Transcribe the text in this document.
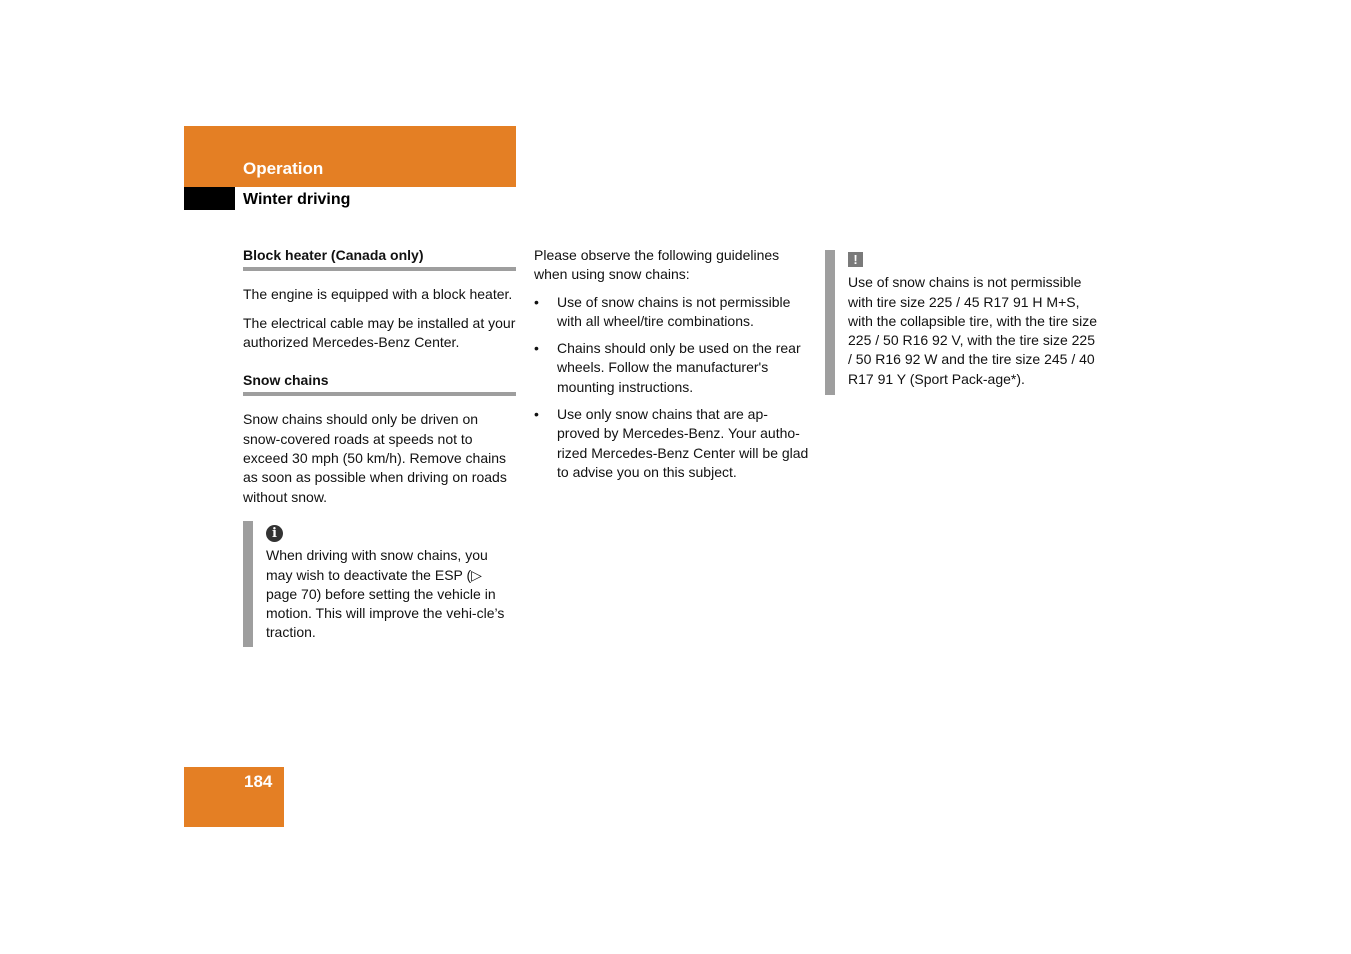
Operation
Winter driving
Block heater (Canada only)

The engine is equipped with a block heater.

The electrical cable may be installed at your authorized Mercedes-Benz Center.

Snow chains

Snow chains should only be driven on snow-covered roads at speeds not to exceed 30 mph (50 km/h). Remove chains as soon as possible when driving on roads without snow.

i
When driving with snow chains, you may wish to deactivate the ESP (▷ page 70) before setting the vehicle in motion. This will improve the vehi-cle’s traction.

Please observe the following guidelines when using snow chains:

• Use of snow chains is not permissible with all wheel/tire combinations.
• Chains should only be used on the rear wheels. Follow the manufacturer's mounting instructions.
• Use only snow chains that are ap-proved by Mercedes-Benz. Your autho-rized Mercedes-Benz Center will be glad to advise you on this subject.
!
Use of snow chains is not permissible with tire size 225 / 45 R17 91 H M+S, with the collapsible tire, with the tire size 225 / 50 R16 92 V, with the tire size 225 / 50 R16 92 W and the tire size 245 / 40 R17 91 Y (Sport Pack-age*).
184
